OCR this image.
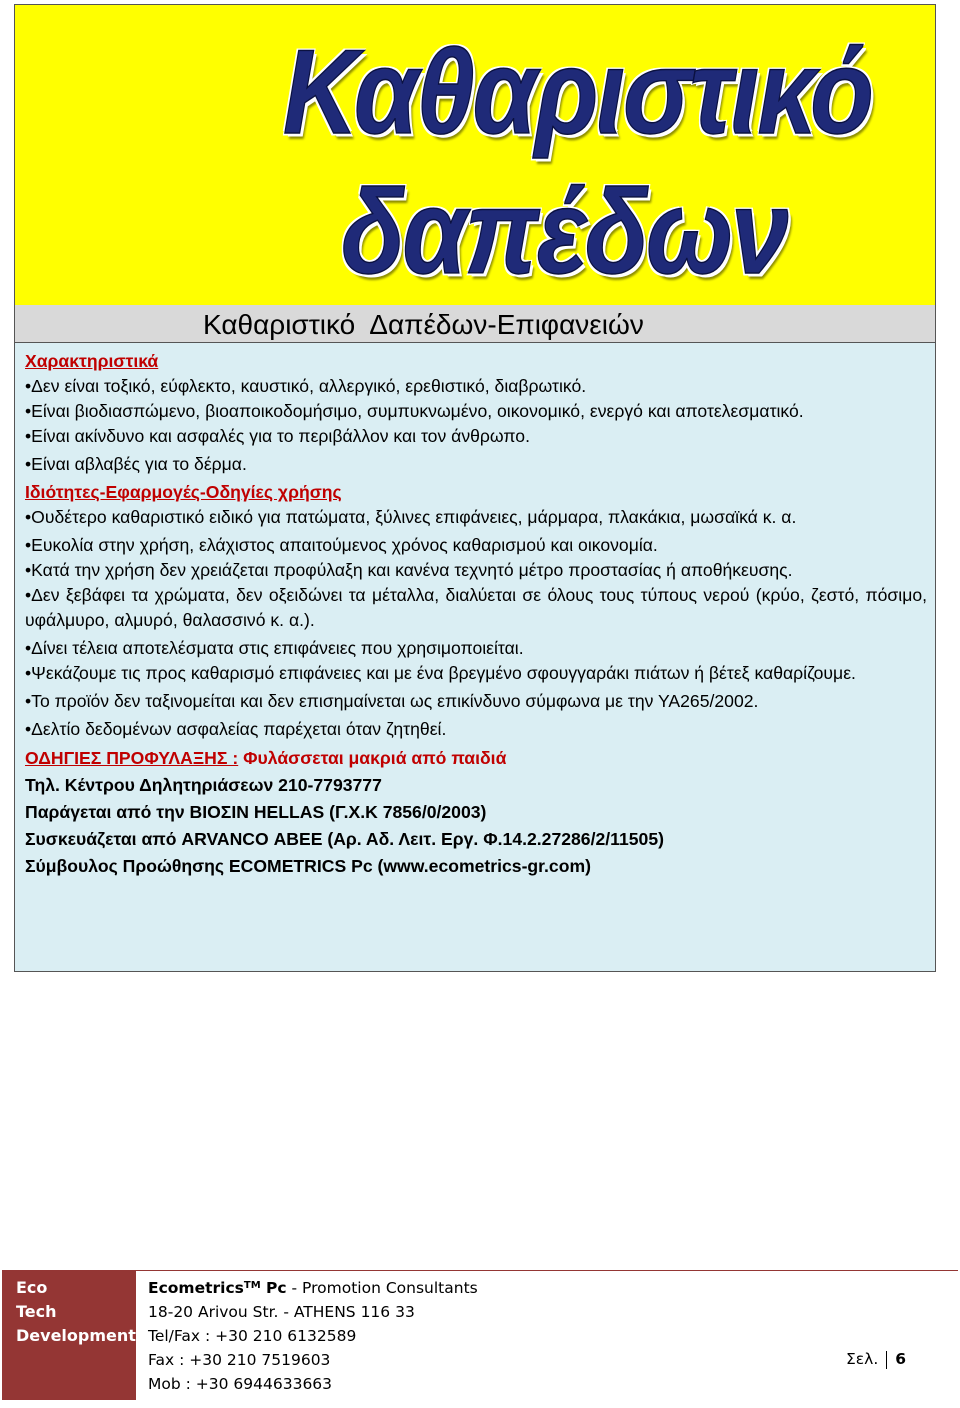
Καθαριστικό
δαπέδων
Καθαριστικό  Δαπέδων-Επιφανειών

Χαρακτηριστικά

•Δεν είναι τοξικό, εύφλεκτο, καυστικό, αλλεργικό, ερεθιστικό, διαβρωτικό.

•Είναι βιοδιασπώμενο, βιοαποικοδομήσιμο, συμπυκνωμένο, οικονομικό, ενεργό και αποτελεσματικό.

•Είναι ακίνδυνο και ασφαλές για το περιβάλλον και τον άνθρωπο.

•Είναι αβλαβές για το δέρμα.

Ιδιότητες-Εφαρμογές-Οδηγίες χρήσης

•Ουδέτερο καθαριστικό ειδικό για πατώματα, ξύλινες επιφάνειες, μάρμαρα, πλακάκια, μωσαϊκά κ. α.

•Ευκολία στην χρήση, ελάχιστος απαιτούμενος χρόνος καθαρισμού και οικονομία.

•Κατά την χρήση δεν χρειάζεται προφύλαξη και κανένα τεχνητό μέτρο προστασίας ή αποθήκευσης.

•Δεν ξεβάφει τα χρώματα, δεν οξειδώνει τα μέταλλα, διαλύεται σε όλους τους τύπους νερού (κρύο, ζεστό, πόσιμο, υφάλμυρο, αλμυρό, θαλασσινό κ. α.).

•Δίνει τέλεια αποτελέσματα στις επιφάνειες που χρησιμοποιείται.

•Ψεκάζουμε τις προς καθαρισμό επιφάνειες και με ένα βρεγμένο σφουγγαράκι πιάτων ή βέτεξ καθαρίζουμε.

•Το προϊόν δεν ταξινομείται και δεν επισημαίνεται ως επικίνδυνο σύμφωνα με την ΥΑ265/2002.

•Δελτίο δεδομένων ασφαλείας παρέχεται όταν ζητηθεί.

ΟΔΗΓΙΕΣ ΠΡΟΦΥΛΑΞΗΣ : Φυλάσσεται μακριά από παιδιά

Τηλ. Κέντρου Δηλητηριάσεων 210-7793777

Παράγεται από την ΒΙΟΣΙΝ HELLAS (Γ.Χ.Κ 7856/0/2003)

Συσκευάζεται από ARVANCO ΑΒΕΕ (Αρ. Αδ. Λειτ. Εργ. Φ.14.2.27286/2/11505)

Σύμβουλος Προώθησης ECOMETRICS Pc (www.ecometrics-gr.com)

Eco
Tech
Development
Ecometrics™ Pc - Promotion Consultants
18-20 Arivou Str. - ATHENS 116 33
Tel/Fax : +30 210 6132589
Fax : +30 210 7519603
Mob : +30 6944633663
Σελ. 6
